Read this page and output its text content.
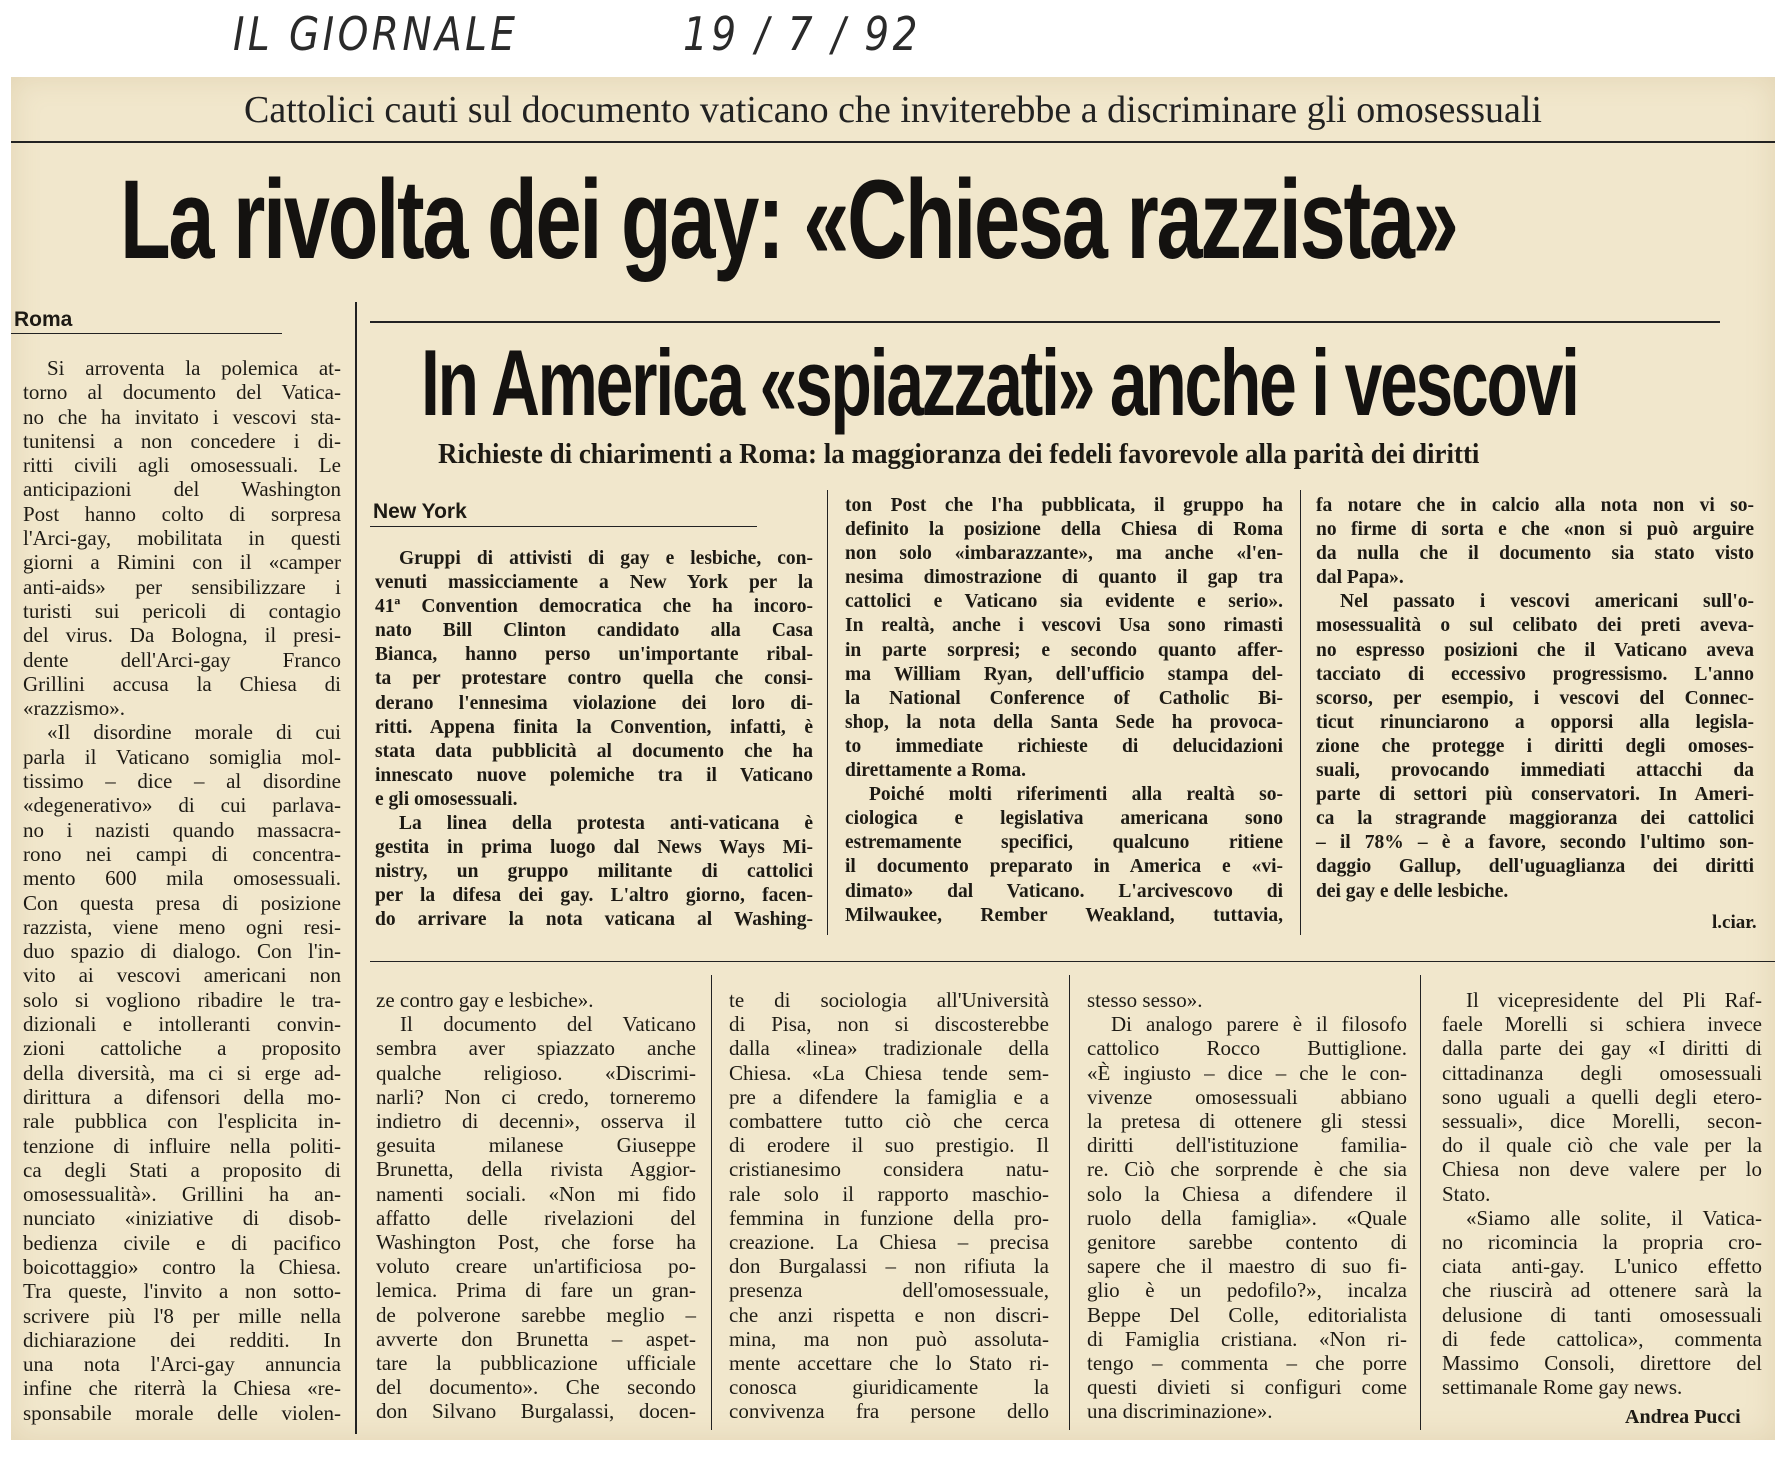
IL GIORNALE	19 / 7 / 92
Cattolici cauti sul documento vaticano che inviterebbe a discriminare gli omosessuali
La rivolta dei gay: «Chiesa razzista»
Roma
Si arroventa la polemica at-
torno al documento del Vatica-
no che ha invitato i vescovi sta-
tunitensi a non concedere i di-
ritti civili agli omosessuali. Le
anticipazioni del Washington
Post hanno colto di sorpresa
l'Arci-gay, mobilitata in questi
giorni a Rimini con il «camper
anti-aids» per sensibilizzare i
turisti sui pericoli di contagio
del virus. Da Bologna, il presi-
dente dell'Arci-gay Franco
Grillini accusa la Chiesa di
«razzismo».
«Il disordine morale di cui
parla il Vaticano somiglia mol-
tissimo – dice – al disordine
«degenerativo» di cui parlava-
no i nazisti quando massacra-
rono nei campi di concentra-
mento 600 mila omosessuali.
Con questa presa di posizione
razzista, viene meno ogni resi-
duo spazio di dialogo. Con l'in-
vito ai vescovi americani non
solo si vogliono ribadire le tra-
dizionali e intolleranti convin-
zioni cattoliche a proposito
della diversità, ma ci si erge ad-
dirittura a difensori della mo-
rale pubblica con l'esplicita in-
tenzione di influire nella politi-
ca degli Stati a proposito di
omosessualità». Grillini ha an-
nunciato «iniziative di disob-
bedienza civile e di pacifico
boicottaggio» contro la Chiesa.
Tra queste, l'invito a non sotto-
scrivere più l'8 per mille nella
dichiarazione dei redditi. In
una nota l'Arci-gay annuncia
infine che riterrà la Chiesa «re-
sponsabile morale delle violen-
In America «spiazzati» anche i vescovi
Richieste di chiarimenti a Roma: la maggioranza dei fedeli favorevole alla parità dei diritti
New York
Gruppi di attivisti di gay e lesbiche, con-
venuti massicciamente a New York per la
41ª Convention democratica che ha incoro-
nato Bill Clinton candidato alla Casa
Bianca, hanno perso un'importante ribal-
ta per protestare contro quella che consi-
derano l'ennesima violazione dei loro di-
ritti. Appena finita la Convention, infatti, è
stata data pubblicità al documento che ha
innescato nuove polemiche tra il Vaticano
e gli omosessuali.
La linea della protesta anti-vaticana è
gestita in prima luogo dal News Ways Mi-
nistry, un gruppo militante di cattolici
per la difesa dei gay. L'altro giorno, facen-
do arrivare la nota vaticana al Washing-
ton Post che l'ha pubblicata, il gruppo ha
definito la posizione della Chiesa di Roma
non solo «imbarazzante», ma anche «l'en-
nesima dimostrazione di quanto il gap tra
cattolici e Vaticano sia evidente e serio».
In realtà, anche i vescovi Usa sono rimasti
in parte sorpresi; e secondo quanto affer-
ma William Ryan, dell'ufficio stampa del-
la National Conference of Catholic Bi-
shop, la nota della Santa Sede ha provoca-
to immediate richieste di delucidazioni
direttamente a Roma.
Poiché molti riferimenti alla realtà so-
ciologica e legislativa americana sono
estremamente specifici, qualcuno ritiene
il documento preparato in America e «vi-
dimato» dal Vaticano. L'arcivescovo di
Milwaukee, Rember Weakland, tuttavia,
fa notare che in calcio alla nota non vi so-
no firme di sorta e che «non si può arguire
da nulla che il documento sia stato visto
dal Papa».
Nel passato i vescovi americani sull'o-
mosessualità o sul celibato dei preti aveva-
no espresso posizioni che il Vaticano aveva
tacciato di eccessivo progressismo. L'anno
scorso, per esempio, i vescovi del Connec-
ticut rinunciarono a opporsi alla legisla-
zione che protegge i diritti degli omoses-
suali, provocando immediati attacchi da
parte di settori più conservatori. In Ameri-
ca la stragrande maggioranza dei cattolici
– il 78% – è a favore, secondo l'ultimo son-
daggio Gallup, dell'uguaglianza dei diritti
dei gay e delle lesbiche.
l.ciar.
ze contro gay e lesbiche».
Il documento del Vaticano
sembra aver spiazzato anche
qualche religioso. «Discrimi-
narli? Non ci credo, torneremo
indietro di decenni», osserva il
gesuita milanese Giuseppe
Brunetta, della rivista Aggior-
namenti sociali. «Non mi fido
affatto delle rivelazioni del
Washington Post, che forse ha
voluto creare un'artificiosa po-
lemica. Prima di fare un gran-
de polverone sarebbe meglio –
avverte don Brunetta – aspet-
tare la pubblicazione ufficiale
del documento». Che secondo
don Silvano Burgalassi, docen-
te di sociologia all'Università
di Pisa, non si discosterebbe
dalla «linea» tradizionale della
Chiesa. «La Chiesa tende sem-
pre a difendere la famiglia e a
combattere tutto ciò che cerca
di erodere il suo prestigio. Il
cristianesimo considera natu-
rale solo il rapporto maschio-
femmina in funzione della pro-
creazione. La Chiesa – precisa
don Burgalassi – non rifiuta la
presenza dell'omosessuale,
che anzi rispetta e non discri-
mina, ma non può assoluta-
mente accettare che lo Stato ri-
conosca giuridicamente la
convivenza fra persone dello
stesso sesso».
Di analogo parere è il filosofo
cattolico Rocco Buttiglione.
«È ingiusto – dice – che le con-
vivenze omosessuali abbiano
la pretesa di ottenere gli stessi
diritti dell'istituzione familia-
re. Ciò che sorprende è che sia
solo la Chiesa a difendere il
ruolo della famiglia». «Quale
genitore sarebbe contento di
sapere che il maestro di suo fi-
glio è un pedofilo?», incalza
Beppe Del Colle, editorialista
di Famiglia cristiana. «Non ri-
tengo – commenta – che porre
questi divieti si configuri come
una discriminazione».
Il vicepresidente del Pli Raf-
faele Morelli si schiera invece
dalla parte dei gay «I diritti di
cittadinanza degli omosessuali
sono uguali a quelli degli etero-
sessuali», dice Morelli, secon-
do il quale ciò che vale per la
Chiesa non deve valere per lo
Stato.
«Siamo alle solite, il Vatica-
no ricomincia la propria cro-
ciata anti-gay. L'unico effetto
che riuscirà ad ottenere sarà la
delusione di tanti omosessuali
di fede cattolica», commenta
Massimo Consoli, direttore del
settimanale Rome gay news.
Andrea Pucci
